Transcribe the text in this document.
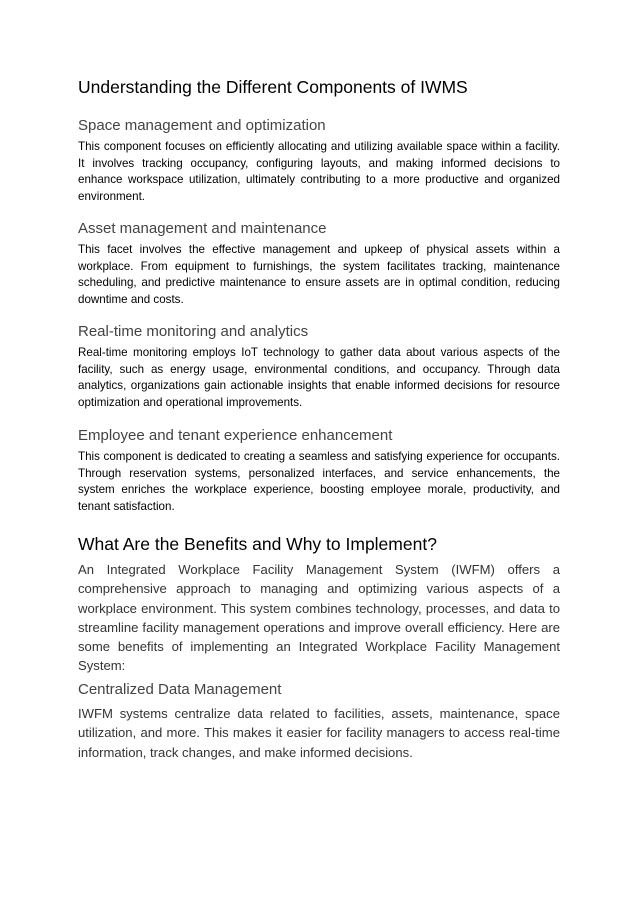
Understanding the Different Components of IWMS
Space management and optimization

This component focuses on efficiently allocating and utilizing available space within a facility. It involves tracking occupancy, configuring layouts, and making informed decisions to enhance workspace utilization, ultimately contributing to a more productive and organized environment.

Asset management and maintenance

This facet involves the effective management and upkeep of physical assets within a workplace. From equipment to furnishings, the system facilitates tracking, maintenance scheduling, and predictive maintenance to ensure assets are in optimal condition, reducing downtime and costs.

Real-time monitoring and analytics

Real-time monitoring employs IoT technology to gather data about various aspects of the facility, such as energy usage, environmental conditions, and occupancy. Through data analytics, organizations gain actionable insights that enable informed decisions for resource optimization and operational improvements.

Employee and tenant experience enhancement

This component is dedicated to creating a seamless and satisfying experience for occupants. Through reservation systems, personalized interfaces, and service enhancements, the system enriches the workplace experience, boosting employee morale, productivity, and tenant satisfaction.

What Are the Benefits and Why to Implement?

An Integrated Workplace Facility Management System (IWFM) offers a comprehensive approach to managing and optimizing various aspects of a workplace environment. This system combines technology, processes, and data to streamline facility management operations and improve overall efficiency. Here are some benefits of implementing an Integrated Workplace Facility Management System:

Centralized Data Management

IWFM systems centralize data related to facilities, assets, maintenance, space utilization, and more. This makes it easier for facility managers to access real-time information, track changes, and make informed decisions.
